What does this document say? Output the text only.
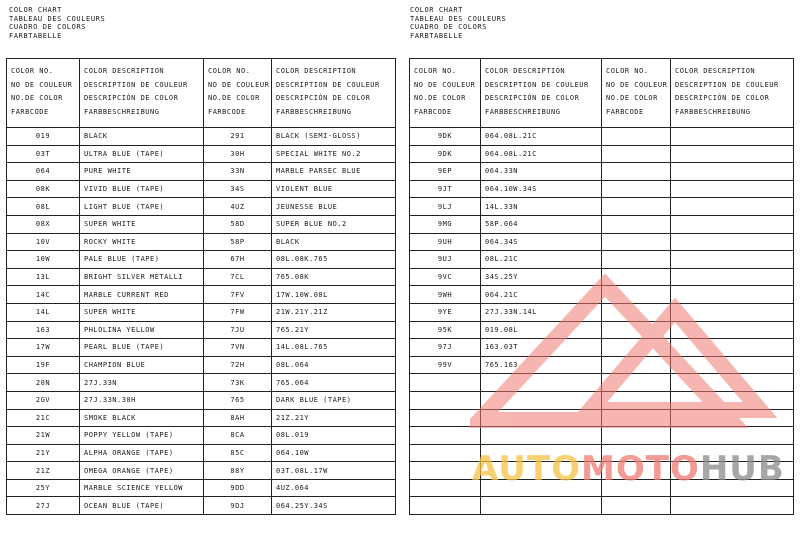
COLOR CHART
TABLEAU DES COULEURS
CUADRO DE COLORS
FARBTABELLE
COLOR CHART
TABLEAU DES COULEURS
CUADRO DE COLORS
FARBTABELLE
COLOR NO.
NO DE COULEUR
NO.DE COLOR
FARBCODE	COLOR DESCRIPTION
DESCRIPTION DE COULEUR
DESCRIPCIÓN DE COLOR
FARBBESCHREIBUNG	COLOR NO.
NO DE COULEUR
NO.DE COLOR
FARBCODE	COLOR DESCRIPTION
DESCRIPTION DE COULEUR
DESCRIPCIÓN DE COLOR
FARBBESCHREIBUNG

019	BLACK	291	BLACK (SEMI-GLOSS)
03T	ULTRA BLUE (TAPE)	30H	SPECIAL WHITE NO.2
064	PURE WHITE	33N	MARBLE PARSEC BLUE
08K	VIVID BLUE (TAPE)	34S	VIOLENT BLUE
08L	LIGHT BLUE (TAPE)	4UZ	JEUNESSE BLUE
08X	SUPER WHITE	58D	SUPER BLUE NO.2
10V	ROCKY WHITE	58P	BLACK
10W	PALE BLUE (TAPE)	67H	08L.08K.765
13L	BRIGHT SILVER METALLI	7CL	765.08K
14C	MARBLE CURRENT RED	7FV	17W.10W.08L
14L	SUPER WHITE	7FW	21W.21Y.21Z
163	PHLOLINA YELLOW	7JU	765.21Y
17W	PEARL BLUE (TAPE)	7VN	14L.08L.765
19F	CHAMPION BLUE	72H	08L.064
20N	27J.33N	73K	765.064
2GV	27J.33N.30H	765	DARK BLUE (TAPE)
21C	SMOKE BLACK	8AH	21Z.21Y
21W	POPPY YELLOW (TAPE)	8CA	08L.019
21Y	ALPHA ORANGE (TAPE)	85C	064.10W
21Z	OMEGA ORANGE (TAPE)	88Y	03T.08L.17W
25Y	MARBLE SCIENCE YELLOW	9DD	4UZ.064
27J	OCEAN BLUE (TAPE)	9DJ	064.25Y.34S
COLOR NO.
NO DE COULEUR
NO.DE COLOR
FARBCODE	COLOR DESCRIPTION
DESCRIPTION DE COULEUR
DESCRIPCIÓN DE COLOR
FARBBESCHREIBUNG	COLOR NO.
NO DE COULEUR
NO.DE COLOR
FARBCODE	COLOR DESCRIPTION
DESCRIPTION DE COULEUR
DESCRIPCIÓN DE COLOR
FARBBESCHREIBUNG

9DK	064.08L.21C		
9DK	064.08L.21C		
9EP	064.33N		
9JT	064.10W.34S		
9LJ	14L.33N		
9MG	58P.064		
9UH	064.34S		
9UJ	08L.21C		
9VC	34S.25Y		
9WH	064.21C		
9YE	27J.33N.14L		
95K	019.08L		
97J	163.03T		
99V	765.163		

AUTOMOTOHUB
